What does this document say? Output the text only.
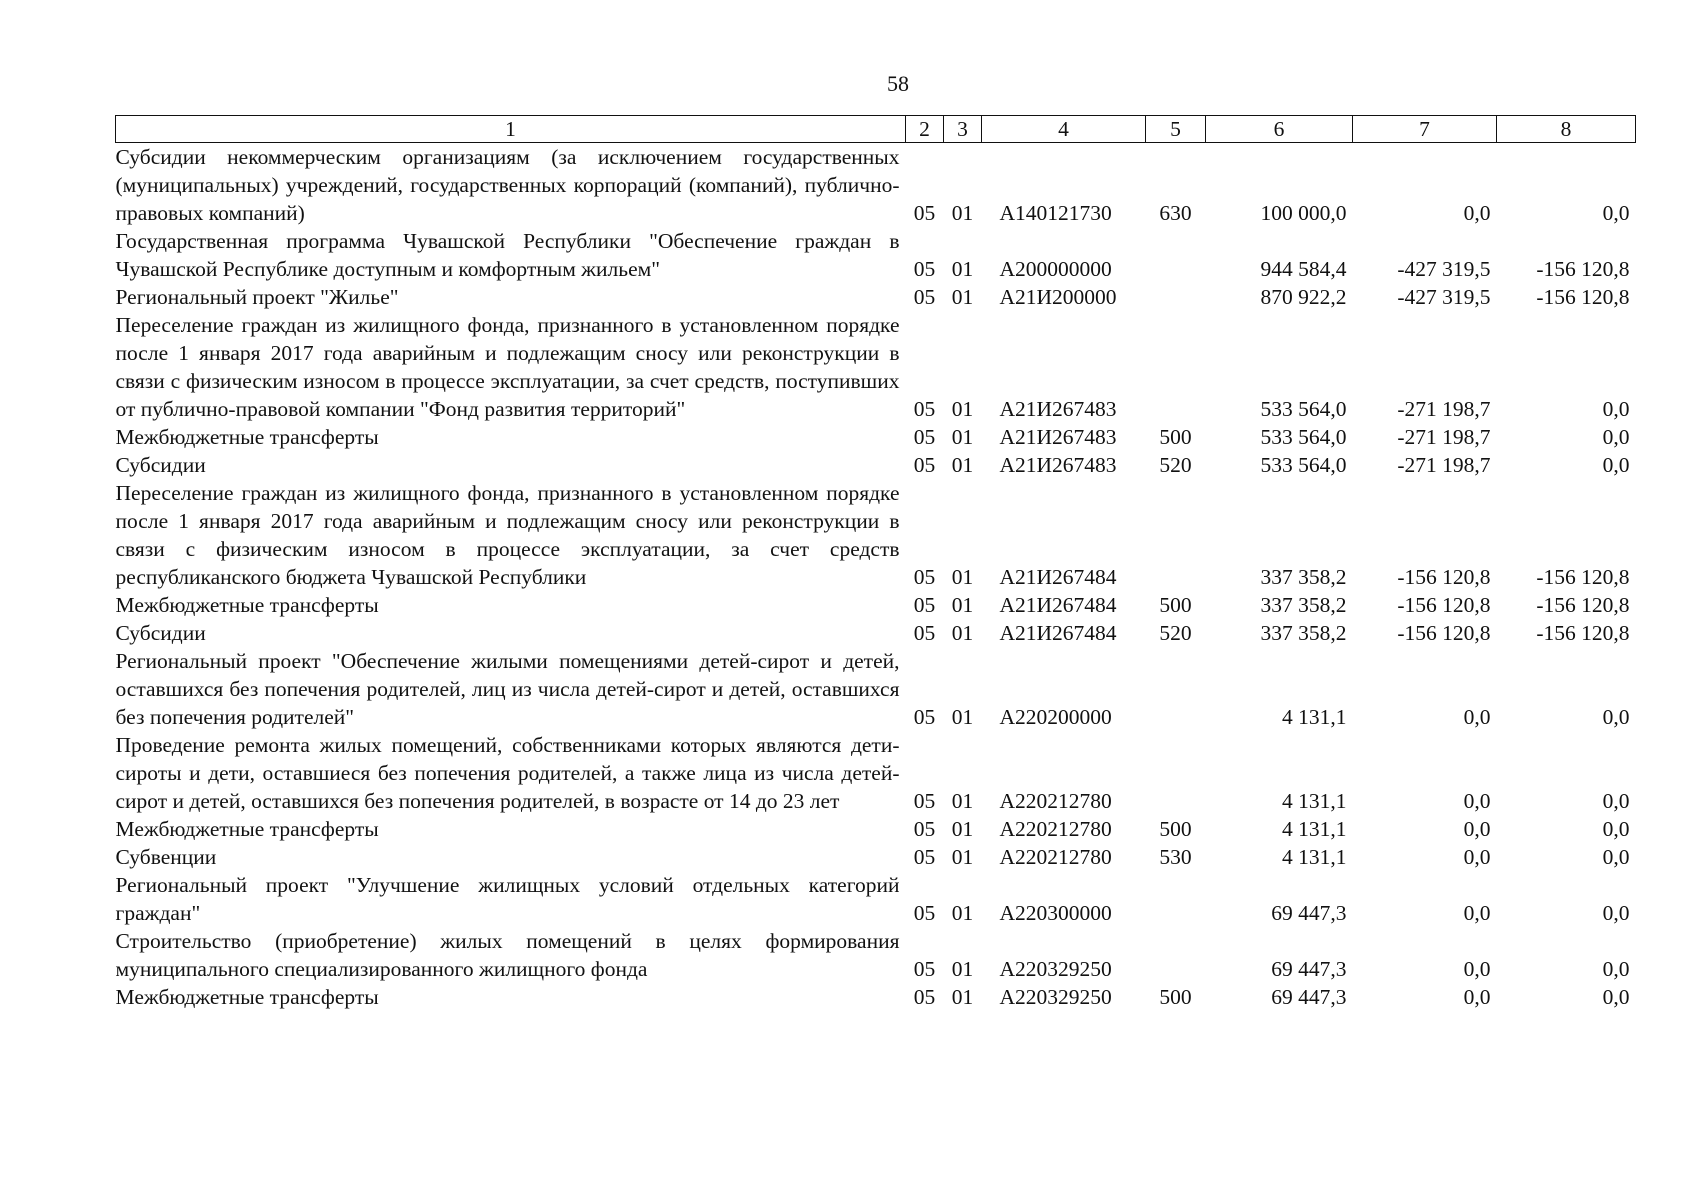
58
1	2	3	4	5	6	7	8
Субсидии некоммерческим организациям (за исключением государственных (муниципальных) учреждений, государственных корпораций (компаний), публично-правовых компаний)	05	01	А140121730	630	100 000,0	0,0	0,0
Государственная программа Чувашской Республики "Обеспечение граждан в Чувашской Республике доступным и комфортным жильем"	05	01	А200000000		944 584,4	-427 319,5	-156 120,8
Региональный проект "Жилье"	05	01	А21И200000		870 922,2	-427 319,5	-156 120,8
Переселение граждан из жилищного фонда, признанного в установленном порядке после 1 января 2017 года аварийным и подлежащим сносу или реконструкции в связи с физическим износом в процессе эксплуатации, за счет средств, поступивших от публично-правовой компании "Фонд развития территорий"	05	01	А21И267483		533 564,0	-271 198,7	0,0
Межбюджетные трансферты	05	01	А21И267483	500	533 564,0	-271 198,7	0,0
Субсидии	05	01	А21И267483	520	533 564,0	-271 198,7	0,0
Переселение граждан из жилищного фонда, признанного в установленном порядке после 1 января 2017 года аварийным и подлежащим сносу или реконструкции в связи с физическим износом в процессе эксплуатации, за счет средств республиканского бюджета Чувашской Республики	05	01	А21И267484		337 358,2	-156 120,8	-156 120,8
Межбюджетные трансферты	05	01	А21И267484	500	337 358,2	-156 120,8	-156 120,8
Субсидии	05	01	А21И267484	520	337 358,2	-156 120,8	-156 120,8
Региональный проект "Обеспечение жилыми помещениями детей-сирот и детей, оставшихся без попечения родителей, лиц из числа детей-сирот и детей, оставшихся без попечения родителей"	05	01	А220200000		4 131,1	0,0	0,0
Проведение ремонта жилых помещений, собственниками которых являются дети-сироты и дети, оставшиеся без попечения родителей, а также лица из числа детей-сирот и детей, оставшихся без попечения родителей, в возрасте от 14 до 23 лет	05	01	А220212780		4 131,1	0,0	0,0
Межбюджетные трансферты	05	01	А220212780	500	4 131,1	0,0	0,0
Субвенции	05	01	А220212780	530	4 131,1	0,0	0,0
Региональный проект "Улучшение жилищных условий отдельных категорий граждан"	05	01	А220300000		69 447,3	0,0	0,0
Строительство (приобретение) жилых помещений в целях формирования муниципального специализированного жилищного фонда	05	01	А220329250		69 447,3	0,0	0,0
Межбюджетные трансферты	05	01	А220329250	500	69 447,3	0,0	0,0
